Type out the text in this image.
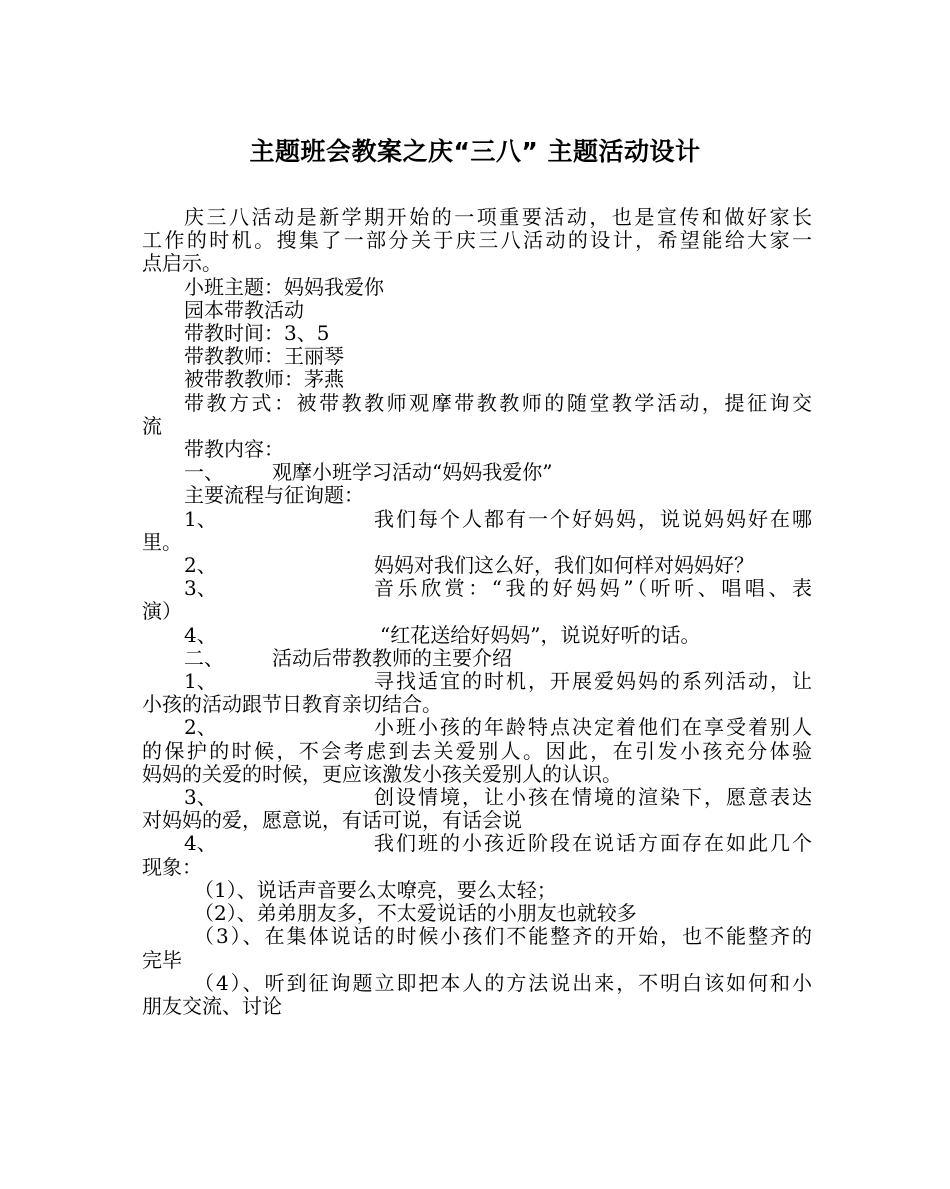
主题班会教案之庆“三八” 主题活动设计
庆三八活动是新学期开始的一项重要活动，也是宣传和做好家长
工作的时机。搜集了一部分关于庆三八活动的设计，希望能给大家一
点启示。
小班主题：妈妈我爱你
园本带教活动
带教时间：3、5
带教教师：王丽琴
被带教教师：茅燕
带教方式：被带教教师观摩带教教师的随堂教学活动，提征询交
流
带教内容：
一、 观摩小班学习活动“妈妈我爱你”
主要流程与征询题：
1、	我们每个人都有一个好妈妈，说说妈妈好在哪
里。
2、	妈妈对我们这么好，我们如何样对妈妈好？
3、	音乐欣赏：“我的好妈妈”（听听、唱唱、表
演）
4、	“红花送给好妈妈”，说说好听的话。
二、 活动后带教教师的主要介绍
1、	寻找适宜的时机，开展爱妈妈的系列活动，让
小孩的活动跟节日教育亲切结合。
2、	小班小孩的年龄特点决定着他们在享受着别人
的保护的时候，不会考虑到去关爱别人。因此，在引发小孩充分体验
妈妈的关爱的时候，更应该激发小孩关爱别人的认识。
3、	创设情境，让小孩在情境的渲染下，愿意表达
对妈妈的爱，愿意说，有话可说，有话会说
4、	我们班的小孩近阶段在说话方面存在如此几个
现象：
（1）、说话声音要么太嘹亮，要么太轻；
（2）、弟弟朋友多，不太爱说话的小朋友也就较多
（3）、在集体说话的时候小孩们不能整齐的开始，也不能整齐的
完毕
（4）、听到征询题立即把本人的方法说出来，不明白该如何和小
朋友交流、讨论
